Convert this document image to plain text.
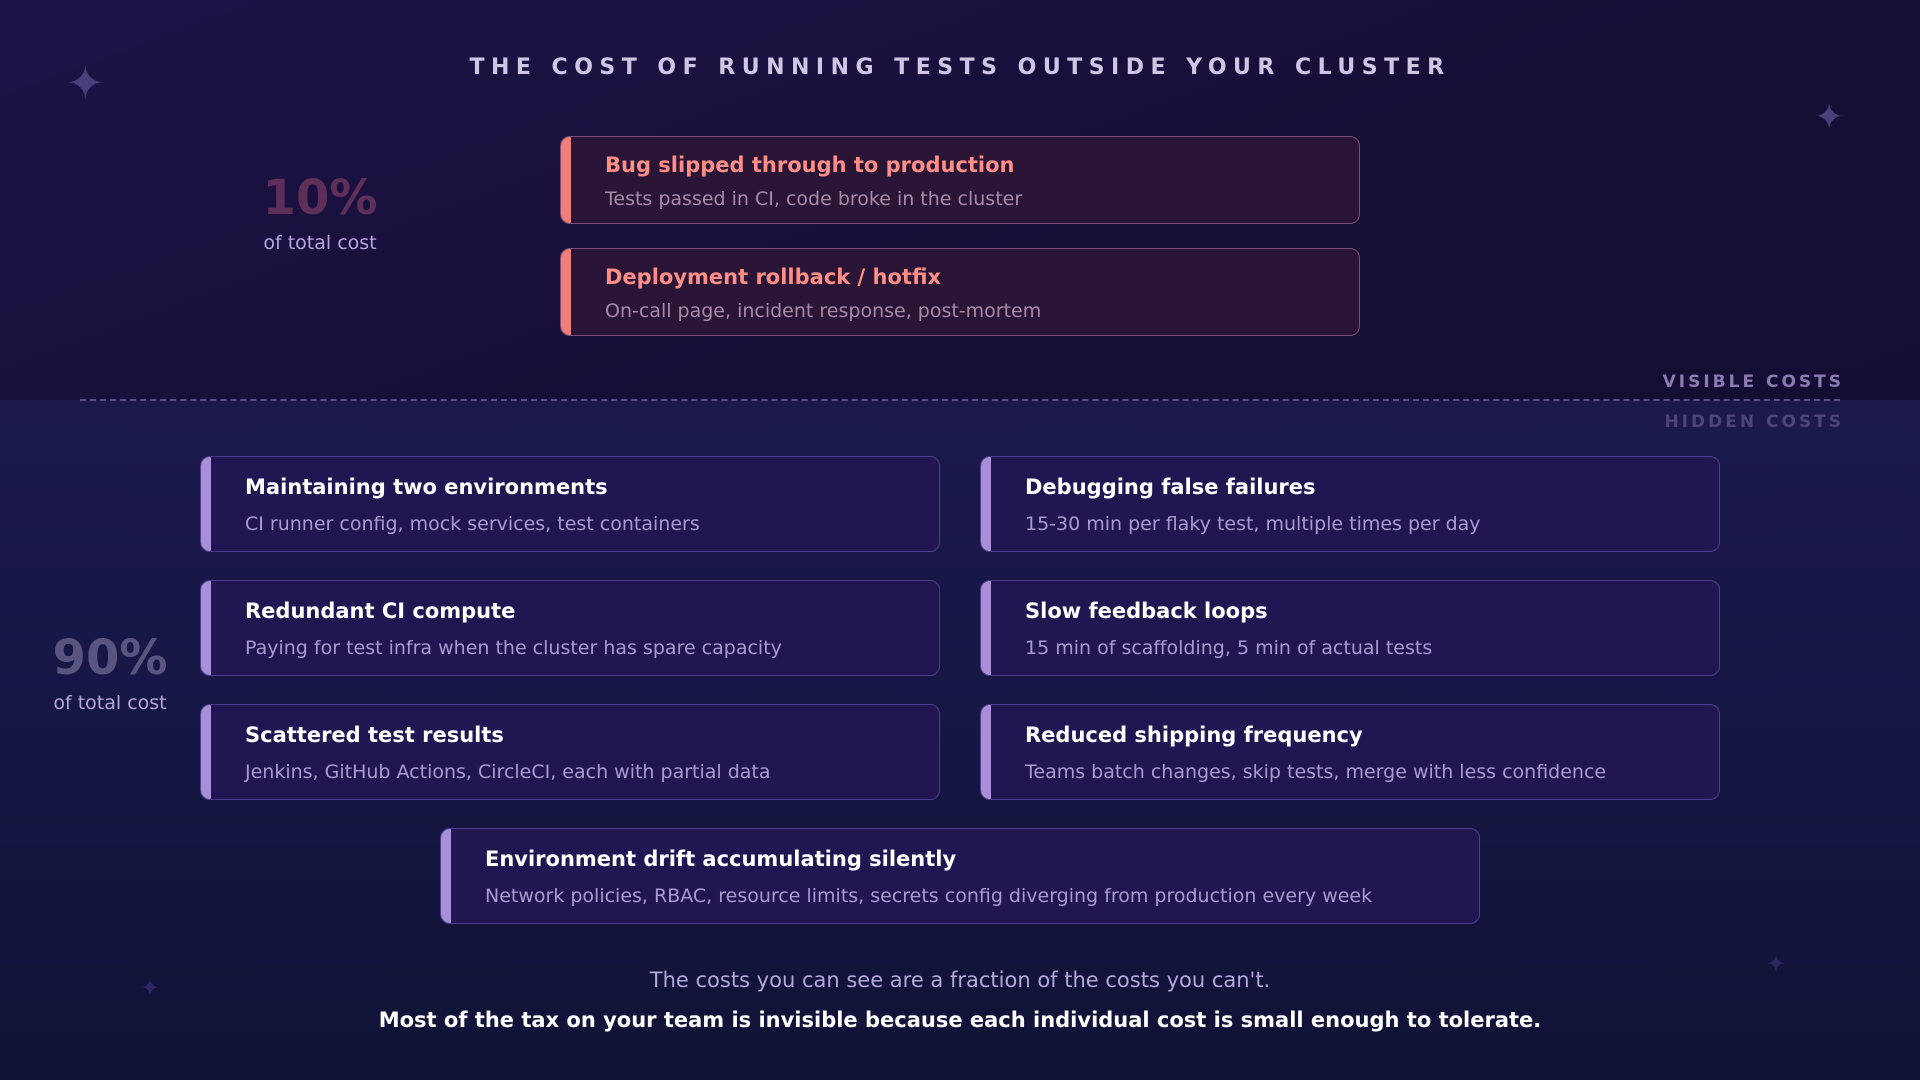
✦
✦
✦
✦
THE COST OF RUNNING TESTS OUTSIDE YOUR CLUSTER
10%
of total cost
Bug slipped through to production
Tests passed in CI, code broke in the cluster
Deployment rollback / hotfix
On-call page, incident response, post-mortem
VISIBLE COSTS
HIDDEN COSTS
90%
of total cost
Maintaining two environments
CI runner config, mock services, test containers
Debugging false failures
15-30 min per flaky test, multiple times per day
Redundant CI compute
Paying for test infra when the cluster has spare capacity
Slow feedback loops
15 min of scaffolding, 5 min of actual tests
Scattered test results
Jenkins, GitHub Actions, CircleCI, each with partial data
Reduced shipping frequency
Teams batch changes, skip tests, merge with less confidence
Environment drift accumulating silently
Network policies, RBAC, resource limits, secrets config diverging from production every week
The costs you can see are a fraction of the costs you can't.
Most of the tax on your team is invisible because each individual cost is small enough to tolerate.
